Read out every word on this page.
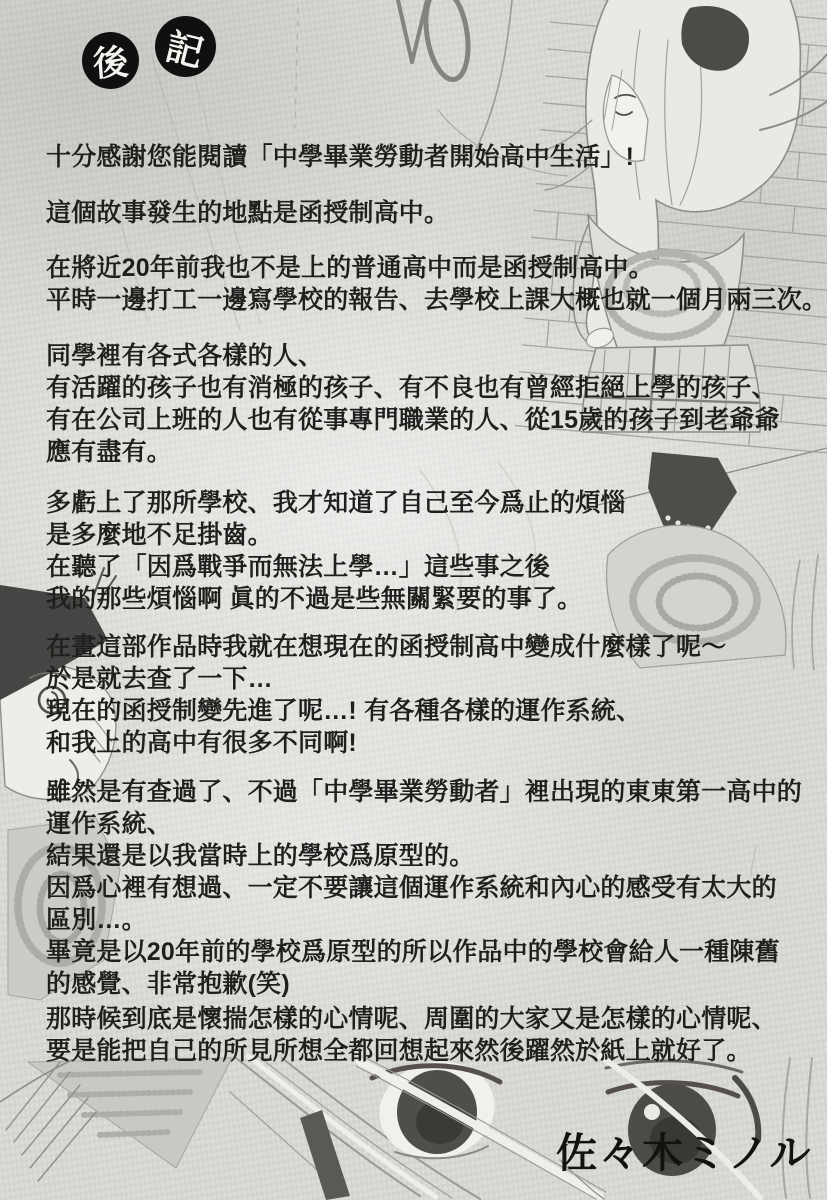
後 記
十分感謝您能閱讀「中學畢業勞動者開始高中生活」!
這個故事發生的地點是函授制高中。
在將近20年前我也不是上的普通高中而是函授制高中。
平時一邊打工一邊寫學校的報告、去學校上課大概也就一個月兩三次。
同學裡有各式各樣的人、
有活躍的孩子也有消極的孩子、有不良也有曾經拒絕上學的孩子、
有在公司上班的人也有從事專門職業的人、從15歲的孩子到老爺爺
應有盡有。
多虧上了那所學校、我才知道了自己至今爲止的煩惱
是多麼地不足掛齒。
在聽了「因爲戰爭而無法上學…」這些事之後
我的那些煩惱啊 眞的不過是些無關緊要的事了。
在畫這部作品時我就在想現在的函授制高中變成什麼樣了呢～
於是就去查了一下…
現在的函授制變先進了呢…! 有各種各樣的運作系統、
和我上的高中有很多不同啊!
雖然是有查過了、不過「中學畢業勞動者」裡出現的東東第一高中的
運作系統、
結果還是以我當時上的學校爲原型的。
因爲心裡有想過、一定不要讓這個運作系統和內心的感受有太大的
區別…。
畢竟是以20年前的學校爲原型的所以作品中的學校會給人一種陳舊
的感覺、非常抱歉(笑)
那時候到底是懷揣怎樣的心情呢、周圍的大家又是怎樣的心情呢、
要是能把自己的所見所想全都回想起來然後躍然於紙上就好了。
佐々木ミノル
